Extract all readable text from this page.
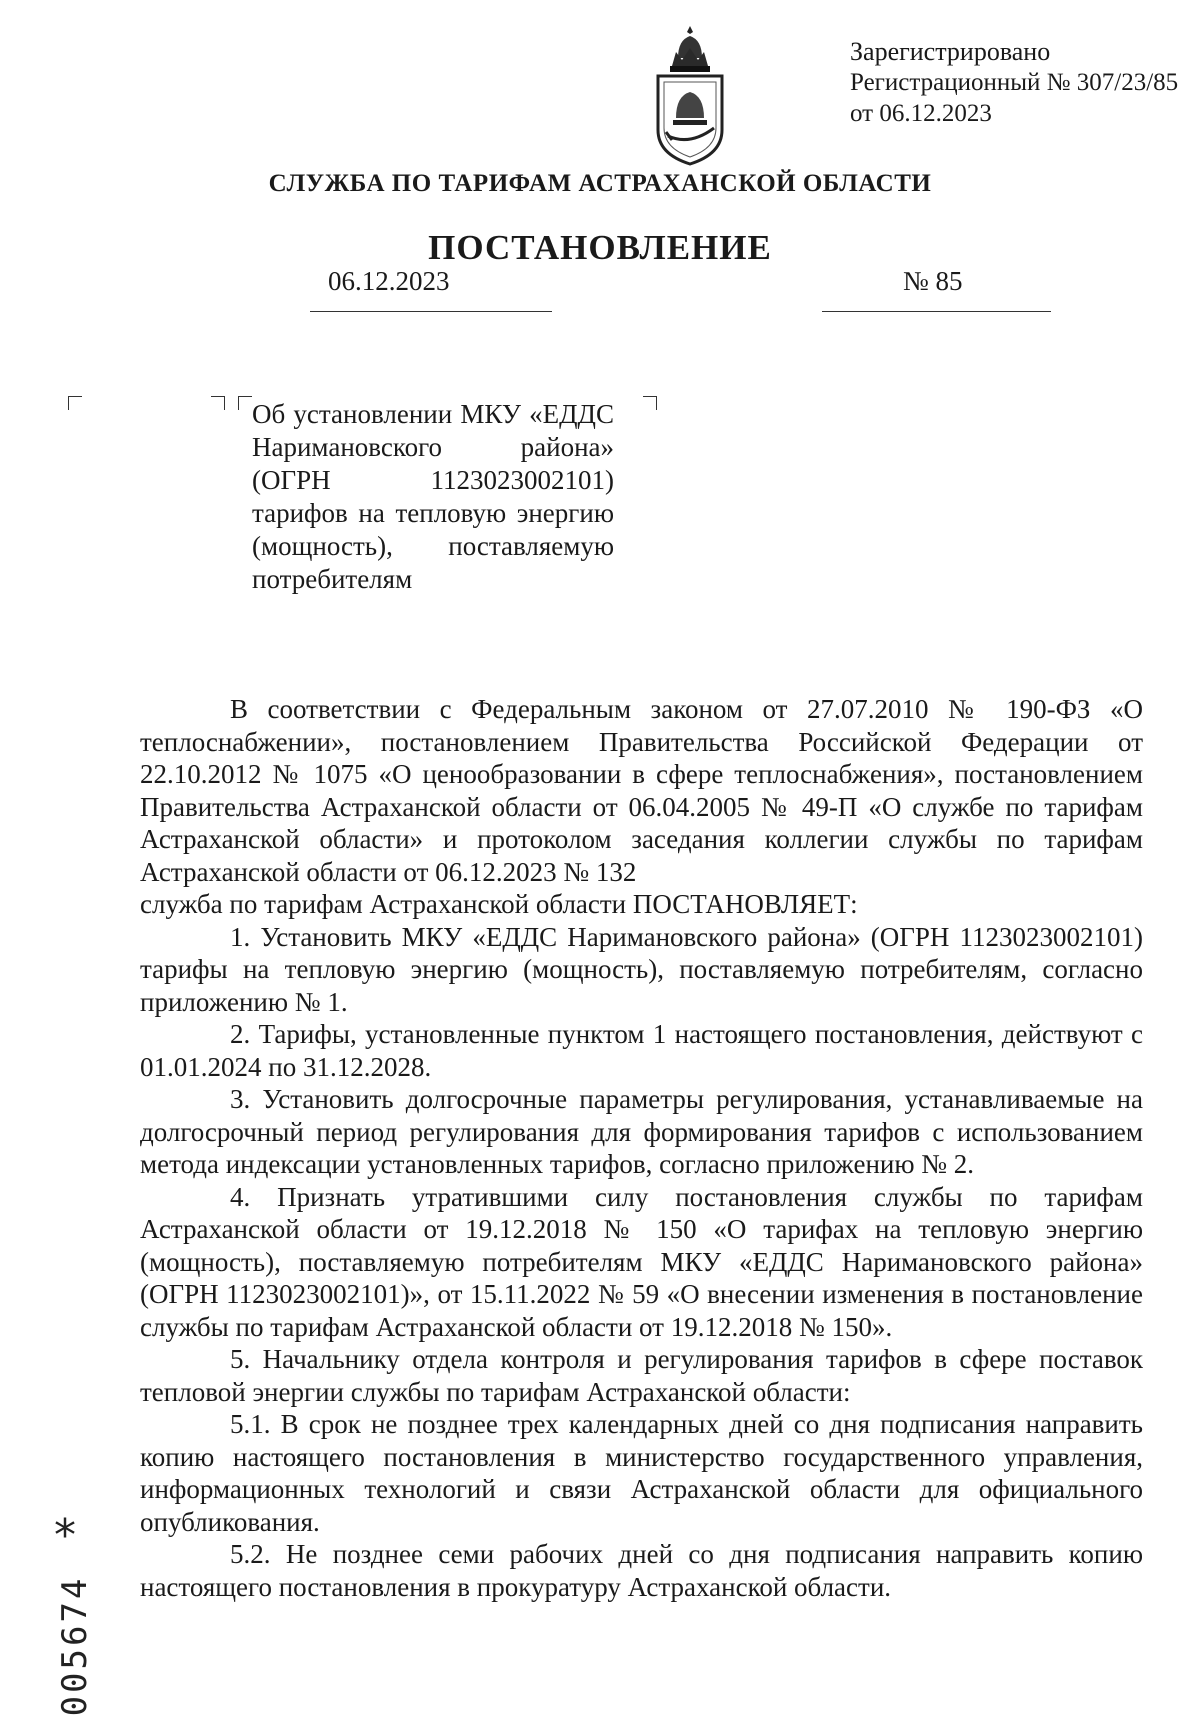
Зарегистрировано
Регистрационный № 307/23/85
от 06.12.2023
СЛУЖБА ПО ТАРИФАМ АСТРАХАНСКОЙ ОБЛАСТИ
ПОСТАНОВЛЕНИЕ
06.12.2023	№ 85
Об установлении МКУ «ЕДДС Наримановского района» (ОГРН 1123023002101) тарифов на тепловую энергию (мощность), поставляемую потребителям

В соответствии с Федеральным законом от 27.07.2010 № 190-ФЗ «О теплоснабжении», постановлением Правительства Российской Федерации от 22.10.2012 № 1075 «О ценообразовании в сфере теплоснабжения», постановлением Правительства Астраханской области от 06.04.2005 № 49-П «О службе по тарифам Астраханской области» и протоколом заседания коллегии службы по тарифам Астраханской области от 06.12.2023 № 132

служба по тарифам Астраханской области ПОСТАНОВЛЯЕТ:

1. Установить МКУ «ЕДДС Наримановского района» (ОГРН 1123023002101) тарифы на тепловую энергию (мощность), поставляемую потребителям, согласно приложению № 1.

2. Тарифы, установленные пунктом 1 настоящего постановления, действуют с 01.01.2024 по 31.12.2028.

3. Установить долгосрочные параметры регулирования, устанавливаемые на долгосрочный период регулирования для формирования тарифов с использованием метода индексации установленных тарифов, согласно приложению № 2.

4. Признать утратившими силу постановления службы по тарифам Астраханской области от 19.12.2018 № 150 «О тарифах на тепловую энергию (мощность), поставляемую потребителям МКУ «ЕДДС Наримановского района» (ОГРН 1123023002101)», от 15.11.2022 № 59 «О внесении изменения в постановление службы по тарифам Астраханской области от 19.12.2018 № 150».

5. Начальнику отдела контроля и регулирования тарифов в сфере поставок тепловой энергии службы по тарифам Астраханской области:

5.1. В срок не позднее трех календарных дней со дня подписания направить копию настоящего постановления в министерство государственного управления, информационных технологий и связи Астраханской области для официального опубликования.

5.2. Не позднее семи рабочих дней со дня подписания направить копию настоящего постановления в прокуратуру Астраханской области.

*
005674
